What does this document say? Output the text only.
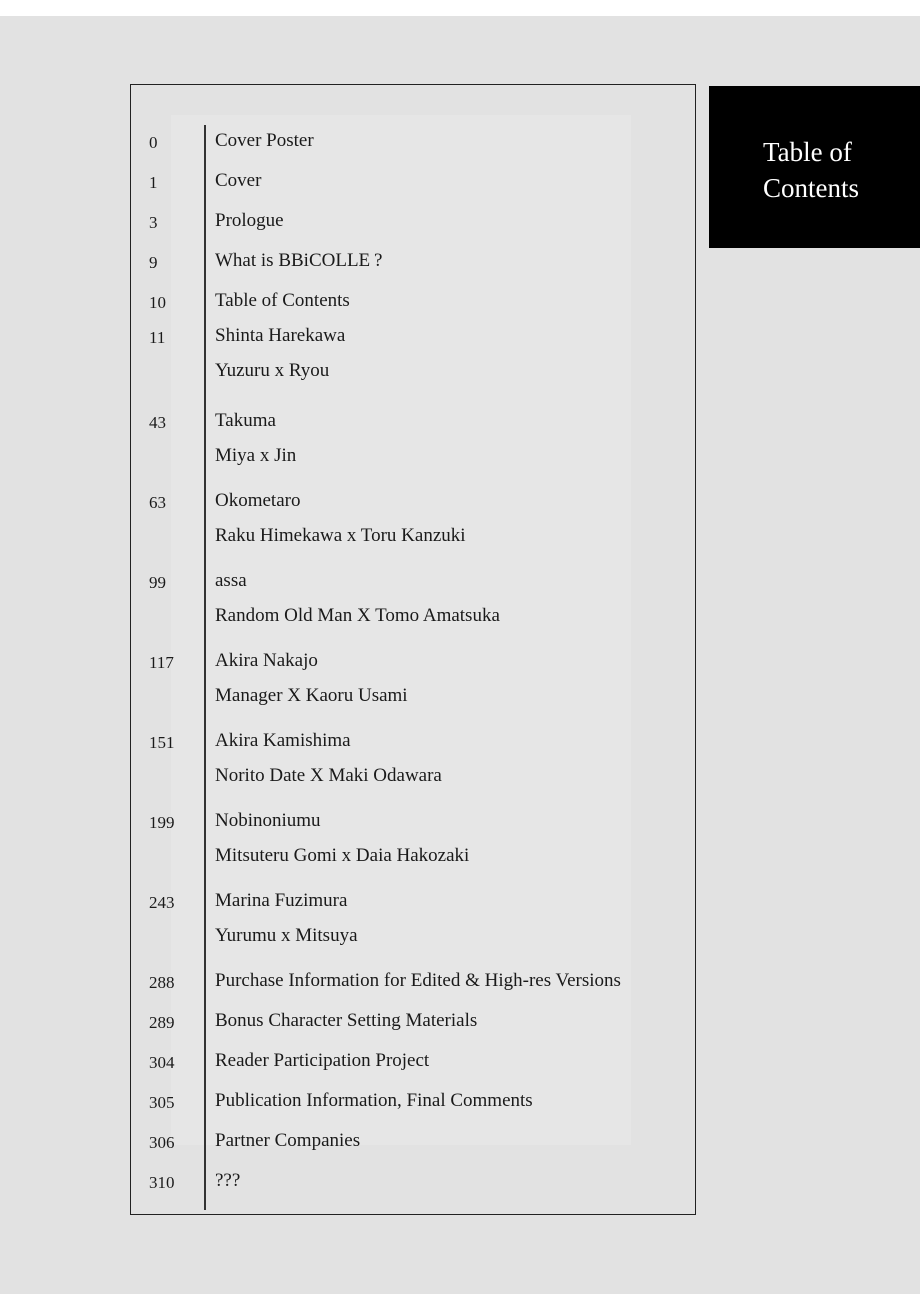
0	Cover Poster
1	Cover
3	Prologue
9	What is BBiCOLLE ?
10	Table of Contents
11	Shinta Harekawa
Yuzuru x Ryou
43	Takuma
Miya x Jin
63	Okometaro
Raku Himekawa x Toru Kanzuki
99	assa
Random Old Man X Tomo Amatsuka
117	Akira Nakajo
Manager X Kaoru Usami
151	Akira Kamishima
Norito Date X Maki Odawara
199	Nobinoniumu
Mitsuteru Gomi x Daia Hakozaki
243	Marina Fuzimura
Yurumu x Mitsuya
288	Purchase Information for Edited & High-res Versions
289	Bonus Character Setting Materials
304	Reader Participation Project
305	Publication Information, Final Comments
306	Partner Companies
310	???
Table of
Contents
